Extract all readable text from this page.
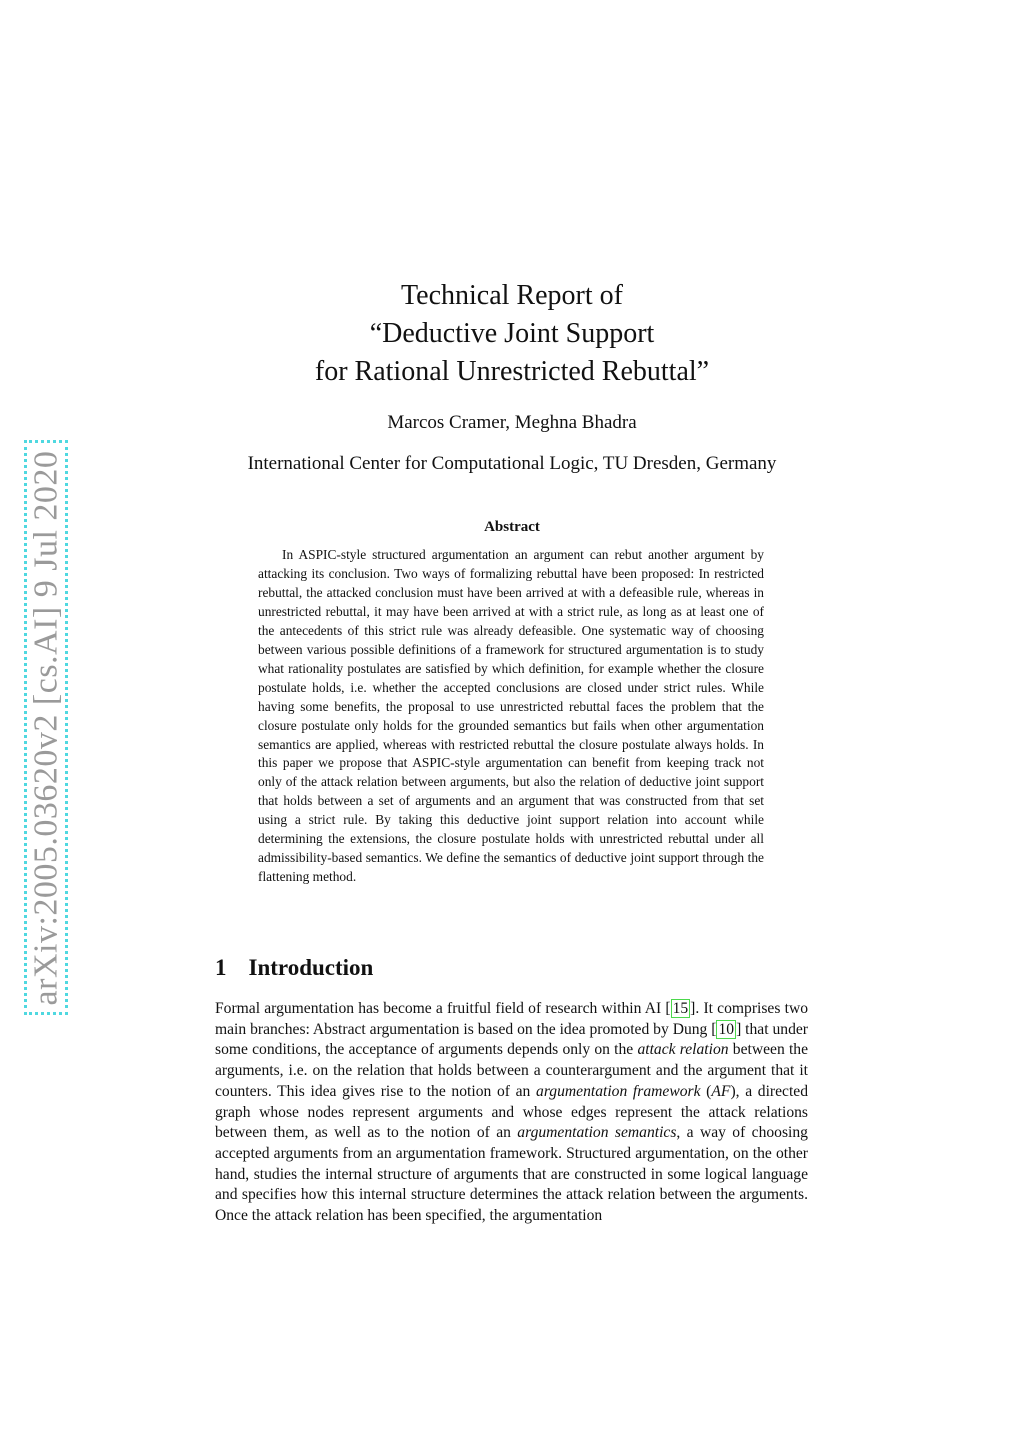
arXiv:2005.03620v2 [cs.AI] 9 Jul 2020
Technical Report of
“Deductive Joint Support
for Rational Unrestricted Rebuttal”
Marcos Cramer, Meghna Bhadra
International Center for Computational Logic, TU Dresden, Germany
Abstract

In ASPIC-style structured argumentation an argument can rebut another argument by attacking its conclusion. Two ways of formalizing rebuttal have been proposed: In restricted rebuttal, the attacked conclusion must have been arrived at with a defeasible rule, whereas in unrestricted rebuttal, it may have been arrived at with a strict rule, as long as at least one of the antecedents of this strict rule was already defeasible. One systematic way of choosing between various possible definitions of a framework for structured argumentation is to study what rationality postulates are satisfied by which definition, for example whether the closure postulate holds, i.e. whether the accepted conclusions are closed under strict rules. While having some benefits, the proposal to use unrestricted rebuttal faces the problem that the closure postulate only holds for the grounded semantics but fails when other argumentation semantics are applied, whereas with restricted rebuttal the closure postulate always holds. In this paper we propose that ASPIC-style argumentation can benefit from keeping track not only of the attack relation between arguments, but also the relation of deductive joint support that holds between a set of arguments and an argument that was constructed from that set using a strict rule. By taking this deductive joint support relation into account while determining the extensions, the closure postulate holds with unrestricted rebuttal under all admissibility-based semantics. We define the semantics of deductive joint support through the flattening method.

1 Introduction

Formal argumentation has become a fruitful field of research within AI [ 15 ]. It comprises two main branches: Abstract argumentation is based on the idea promoted by Dung [ 10 ] that under some conditions, the acceptance of arguments depends only on the attack relation between the arguments, i.e. on the relation that holds between a counterargument and the argument that it counters. This idea gives rise to the notion of an argumentation framework (AF), a directed graph whose nodes represent arguments and whose edges represent the attack relations between them, as well as to the notion of an argumentation semantics, a way of choosing accepted arguments from an argumentation framework. Structured argumentation, on the other hand, studies the internal structure of arguments that are constructed in some logical language and specifies how this internal structure determines the attack relation between the arguments. Once the attack relation has been specified, the argumentation
